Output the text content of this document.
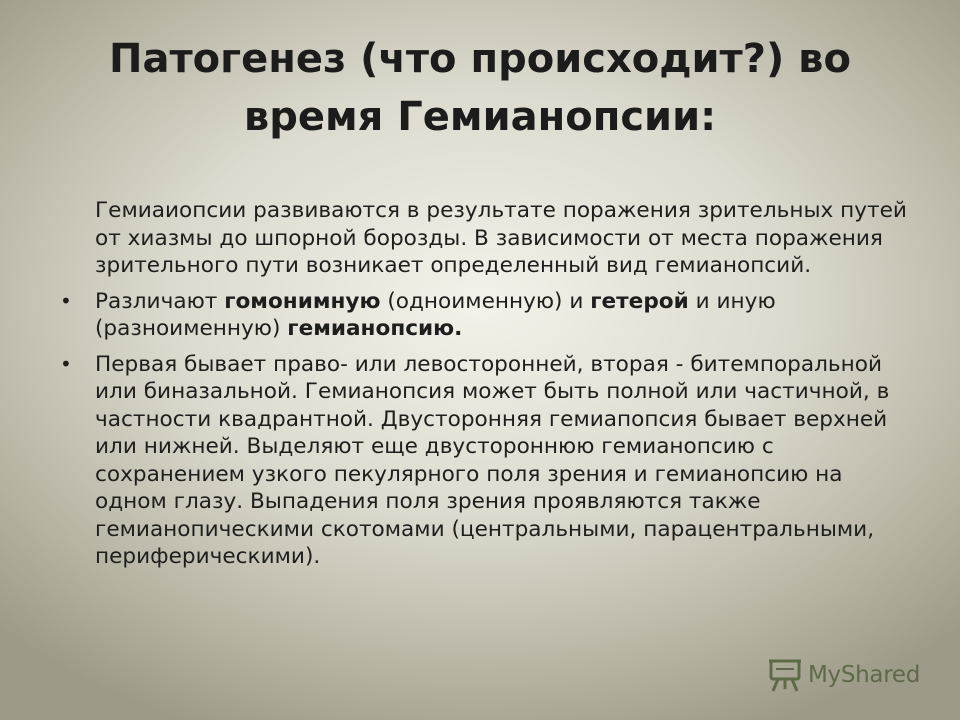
Патогенез (что происходит?) во время Гемианопсии:

Гемиаиопсии развиваются в результате поражения зрительных путей от хиазмы до шпорной борозды. В зависимости от места поражения зрительного пути возникает определенный вид гемианопсий.

• Различают гомонимную (одноименную) и гетерой и иную (разноименную) гемианопсию.
• Первая бывает право- или левосторонней, вторая - битемпоральной или биназальной. Гемианопсия может быть полной или частичной, в частности квадрантной. Двусторонняя гемиапопсия бывает верхней или нижней. Выделяют еще двустороннюю гемианопсию с сохранением узкого пекулярного поля зрения и гемианопсию на одном глазу. Выпадения поля зрения проявляются также гемианопическими скотомами (центральными, парацентральными, периферическими).
MyShared
